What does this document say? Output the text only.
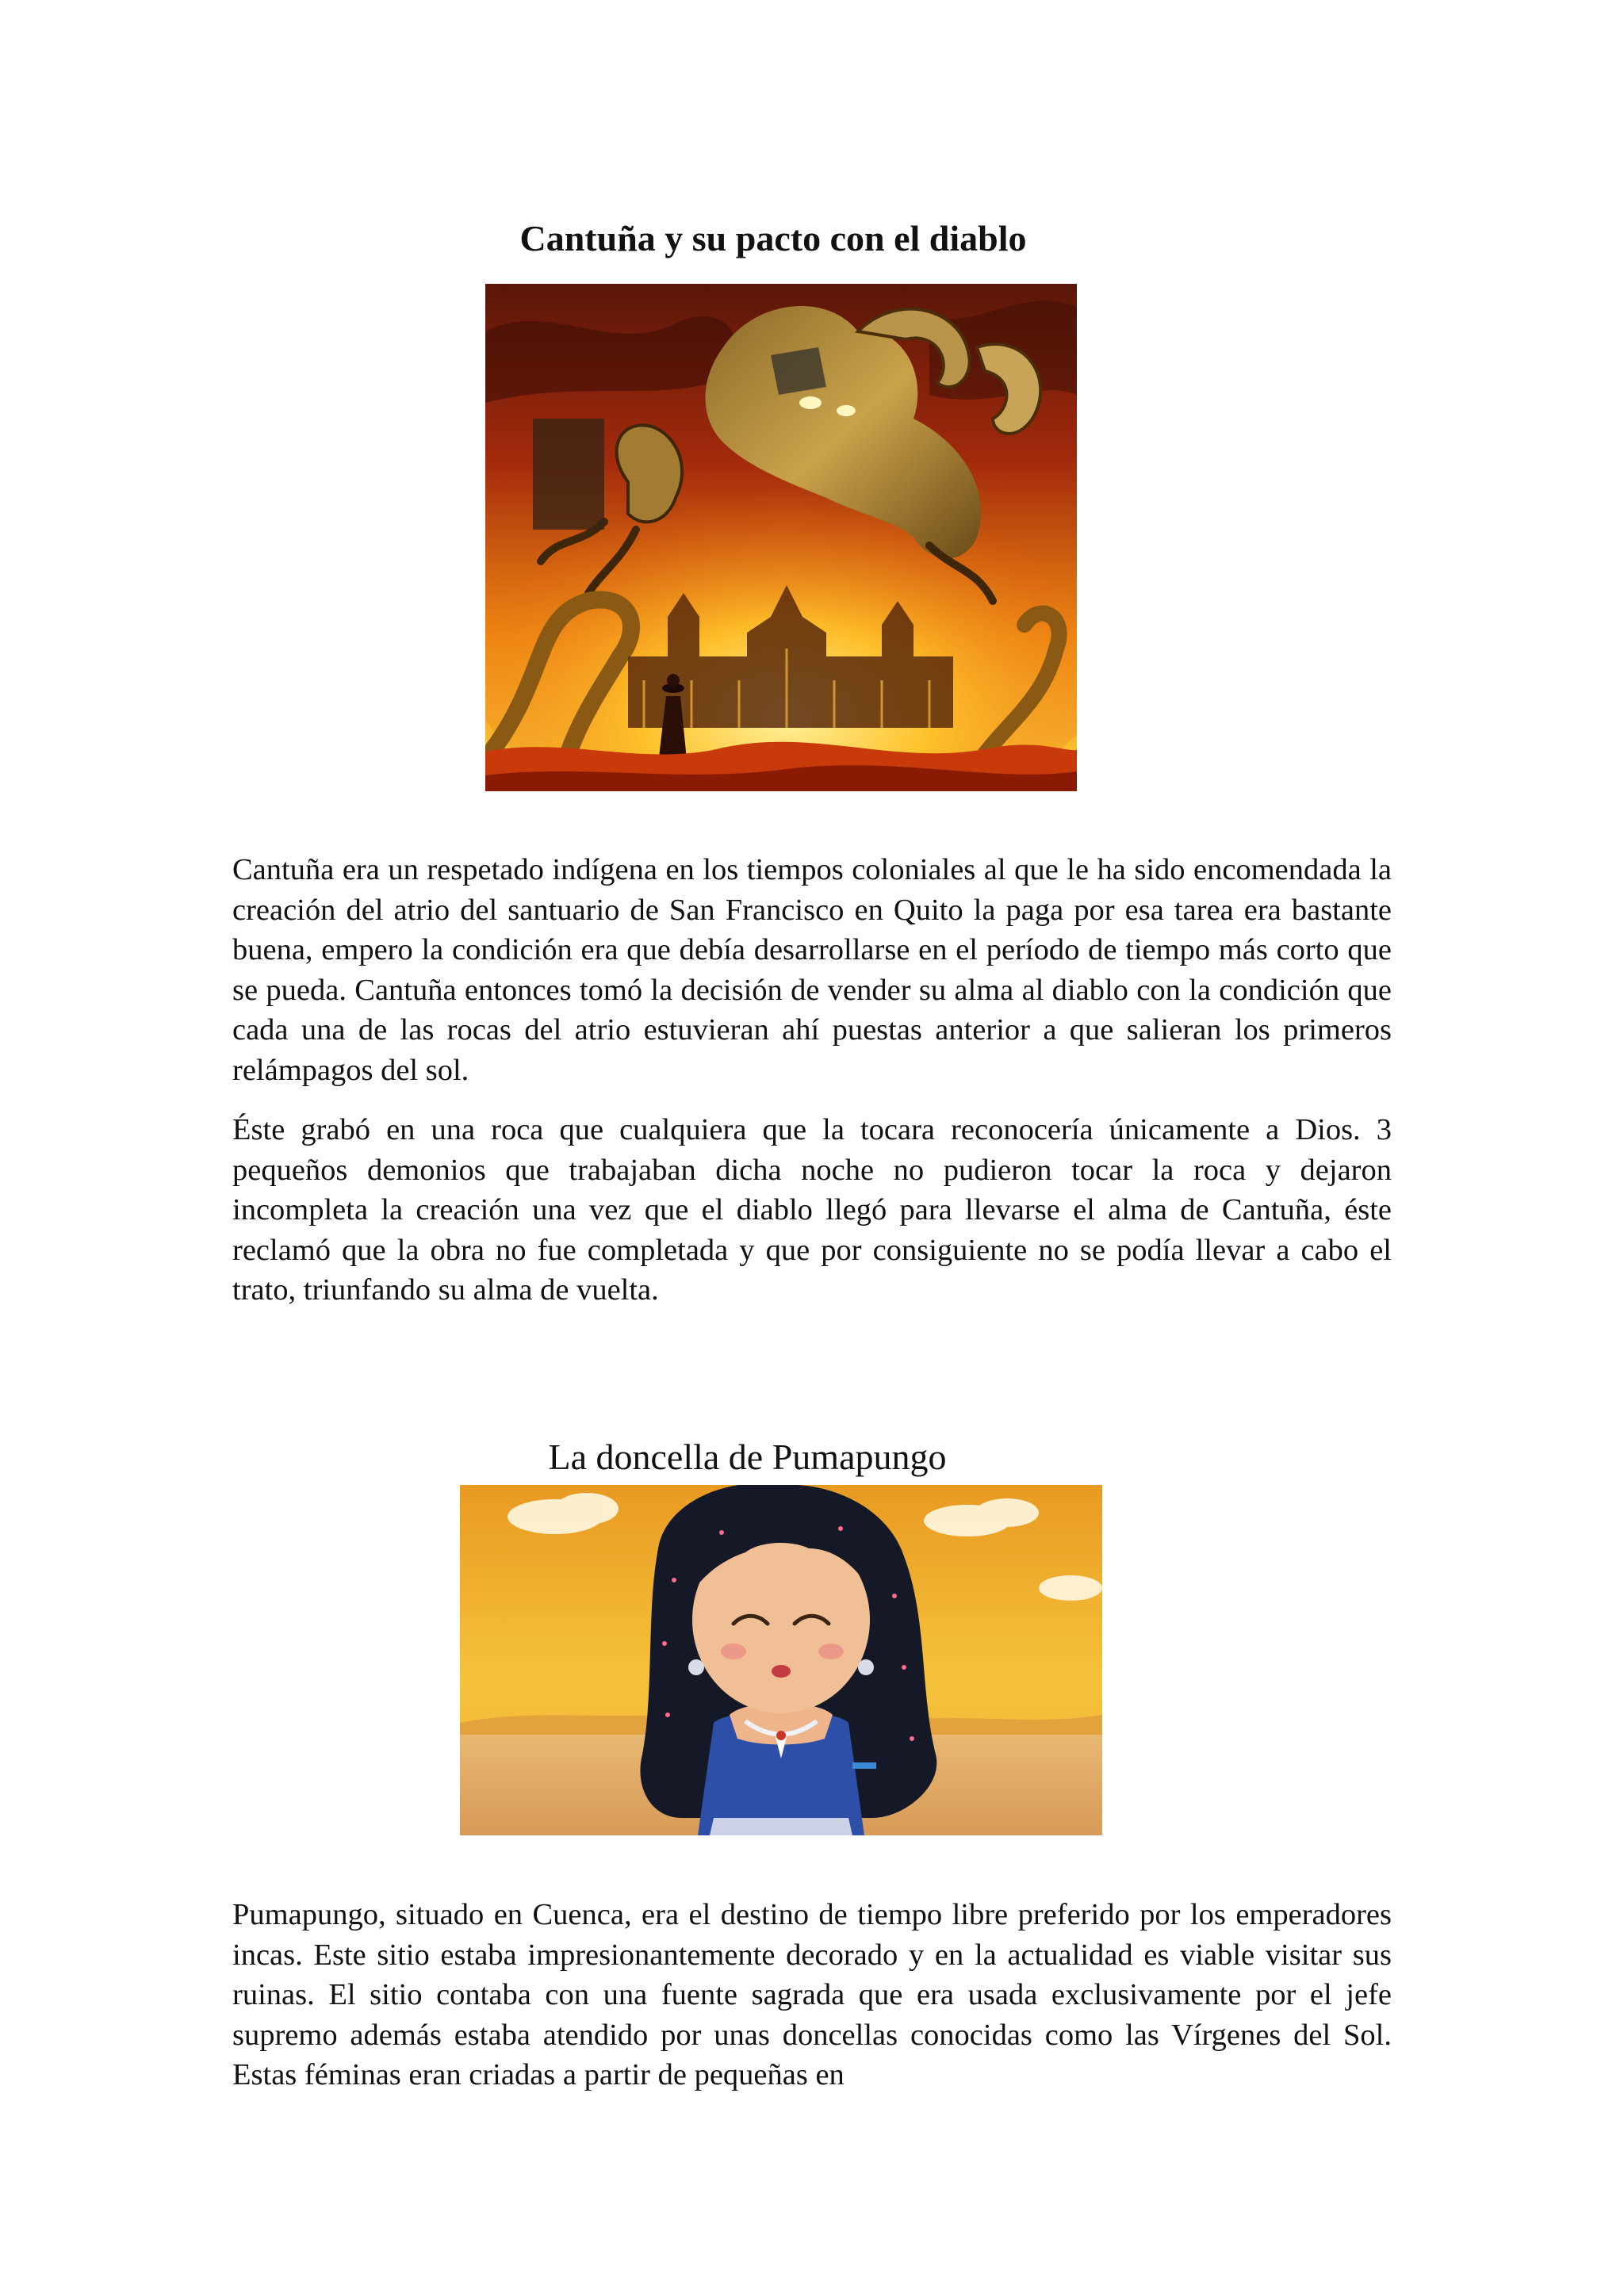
Cantuña y su pacto con el diablo

Cantuña era un respetado indígena en los tiempos coloniales al que le ha sido encomendada la creación del atrio del santuario de San Francisco en Quito la paga por esa tarea era bastante buena, empero la condición era que debía desarrollarse en el período de tiempo más corto que se pueda. Cantuña entonces tomó la decisión de vender su alma al diablo con la condición que cada una de las rocas del atrio estuvieran ahí puestas anterior a que salieran los primeros relámpagos del sol.

Éste grabó en una roca que cualquiera que la tocara reconocería únicamente a Dios. 3 pequeños demonios que trabajaban dicha noche no pudieron tocar la roca y dejaron incompleta la creación una vez que el diablo llegó para llevarse el alma de Cantuña, éste reclamó que la obra no fue completada y que por consiguiente no se podía llevar a cabo el trato, triunfando su alma de vuelta.

La doncella de Pumapungo

Pumapungo, situado en Cuenca, era el destino de tiempo libre preferido por los emperadores incas. Este sitio estaba impresionantemente decorado y en la actualidad es viable visitar sus ruinas. El sitio contaba con una fuente sagrada que era usada exclusivamente por el jefe supremo además estaba atendido por unas doncellas conocidas como las Vírgenes del Sol. Estas féminas eran criadas a partir de pequeñas en
